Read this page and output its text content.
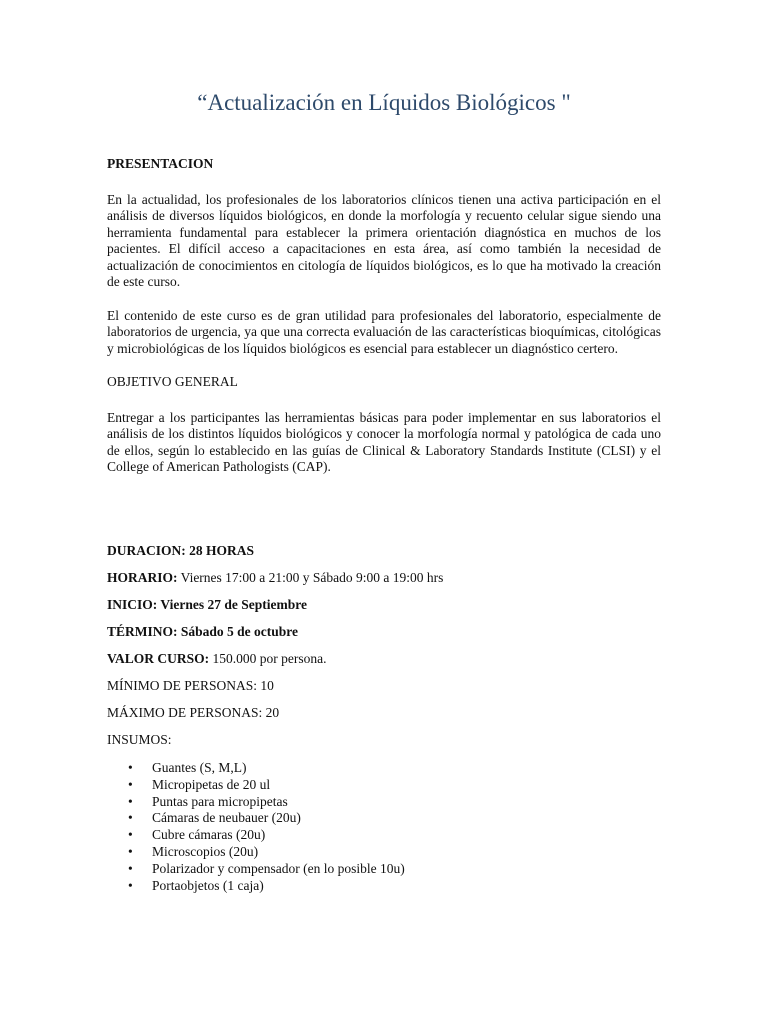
“Actualización en Líquidos Biológicos "
PRESENTACION

En la actualidad, los profesionales de los laboratorios clínicos tienen una activa participación en el análisis de diversos líquidos biológicos, en donde la morfología y recuento celular sigue siendo una herramienta fundamental para establecer la primera orientación diagnóstica en muchos de los pacientes. El difícil acceso a capacitaciones en esta área, así como también la necesidad de actualización de conocimientos en citología de líquidos biológicos, es lo que ha motivado la creación de este curso.

El contenido de este curso es de gran utilidad para profesionales del laboratorio, especialmente de laboratorios de urgencia, ya que una correcta evaluación de las características bioquímicas, citológicas y microbiológicas de los líquidos biológicos es esencial para establecer un diagnóstico certero.

OBJETIVO GENERAL

Entregar a los participantes las herramientas básicas para poder implementar en sus laboratorios el análisis de los distintos líquidos biológicos y conocer la morfología normal y patológica de cada uno de ellos, según lo establecido en las guías de Clinical & Laboratory Standards Institute (CLSI) y el College of American Pathologists (CAP).

DURACION: 28 HORAS
HORARIO: Viernes 17:00 a 21:00 y Sábado 9:00 a 19:00 hrs
INICIO: Viernes 27 de Septiembre
TÉRMINO: Sábado 5 de octubre
VALOR CURSO: 150.000 por persona.
MÍNIMO DE PERSONAS: 10
MÁXIMO DE PERSONAS: 20
INSUMOS:
• Guantes (S, M,L)
• Micropipetas de 20 ul
• Puntas para micropipetas
• Cámaras de neubauer (20u)
• Cubre cámaras (20u)
• Microscopios (20u)
• Polarizador y compensador (en lo posible 10u)
• Portaobjetos (1 caja)
